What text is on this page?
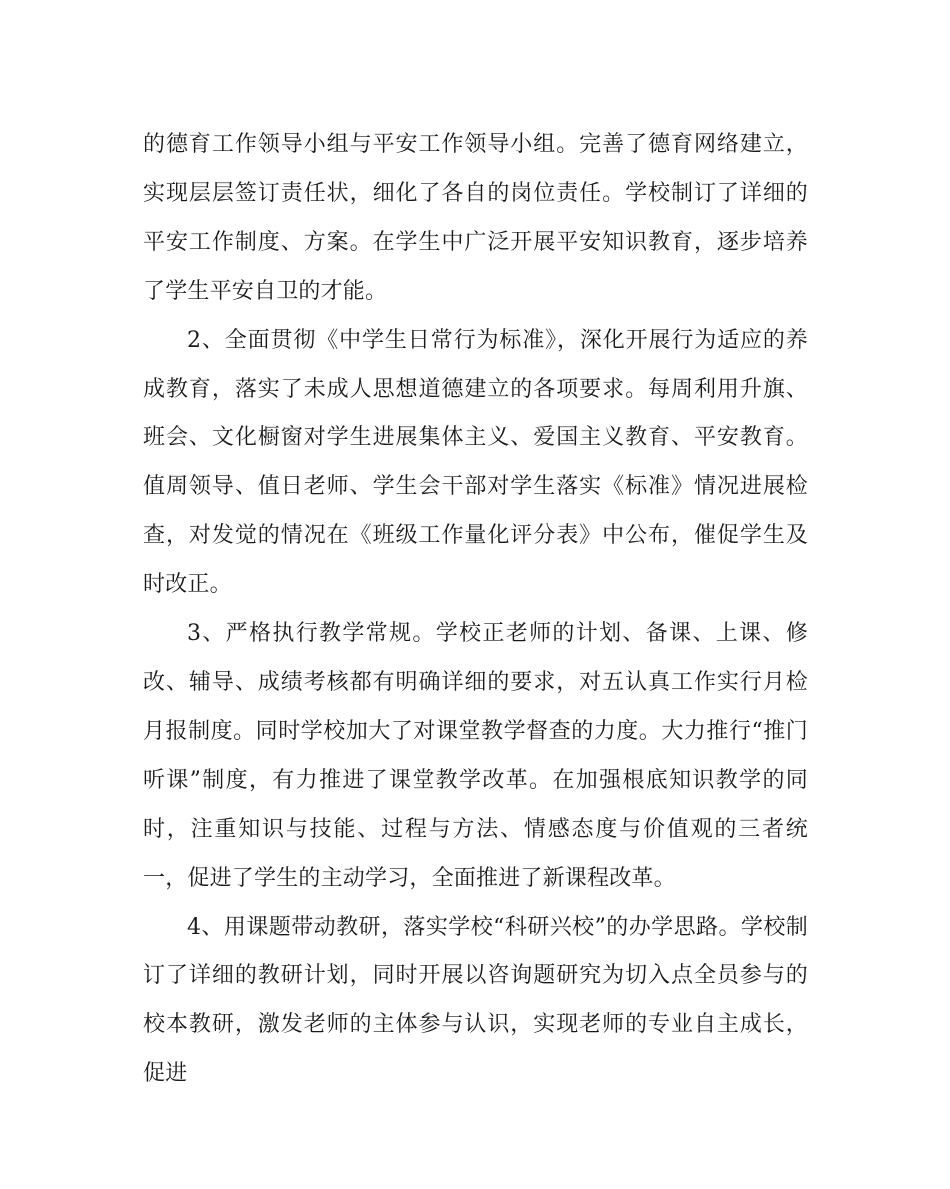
的德育工作领导小组与平安工作领导小组。完善了德育网络建立，实现层层签订责任状，细化了各自的岗位责任。学校制订了详细的平安工作制度、方案。在学生中广泛开展平安知识教育，逐步培养了学生平安自卫的才能。

2、全面贯彻《中学生日常行为标准》，深化开展行为适应的养成教育，落实了未成人思想道德建立的各项要求。每周利用升旗、班会、文化橱窗对学生进展集体主义、爱国主义教育、平安教育。值周领导、值日老师、学生会干部对学生落实《标准》情况进展检查，对发觉的情况在《班级工作量化评分表》中公布，催促学生及时改正。

3、严格执行教学常规。学校正老师的计划、备课、上课、修改、辅导、成绩考核都有明确详细的要求，对五认真工作实行月检月报制度。同时学校加大了对课堂教学督查的力度。大力推行“推门听课”制度，有力推进了课堂教学改革。在加强根底知识教学的同时，注重知识与技能、过程与方法、情感态度与价值观的三者统一，促进了学生的主动学习，全面推进了新课程改革。

4、用课题带动教研，落实学校“科研兴校”的办学思路。学校制订了详细的教研计划，同时开展以咨询题研究为切入点全员参与的校本教研，激发老师的主体参与认识，实现老师的专业自主成长，促进
